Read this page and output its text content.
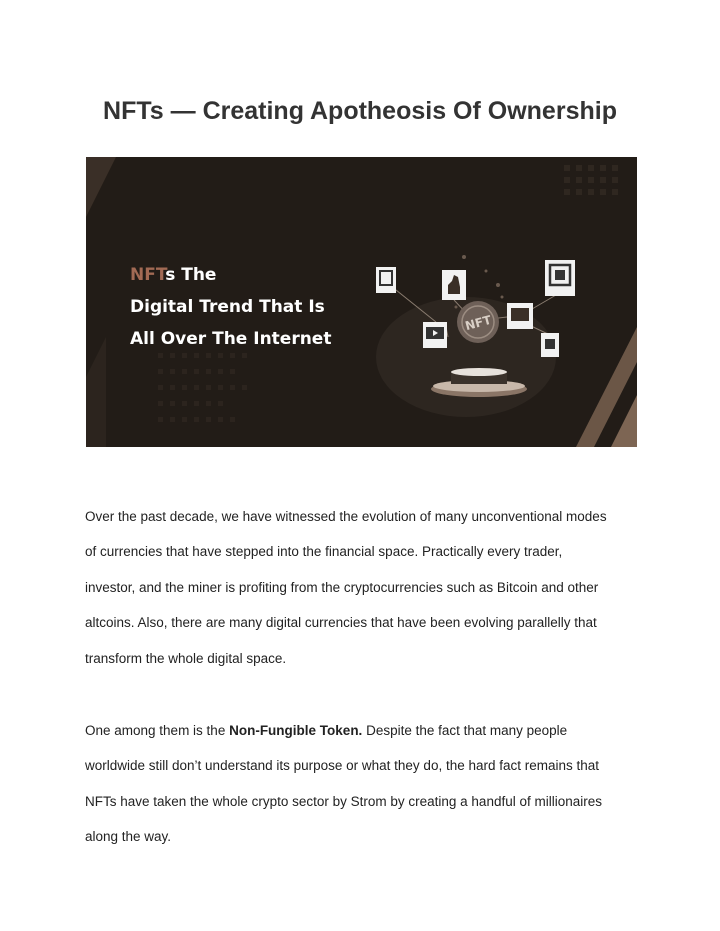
NFTs — Creating Apotheosis Of Ownership
NFT
NFTs The
Digital Trend That Is
All Over The Internet

Over the past decade, we have witnessed the evolution of many unconventional modes
of currencies that have stepped into the financial space. Practically every trader,
investor, and the miner is profiting from the cryptocurrencies such as Bitcoin and other
altcoins. Also, there are many digital currencies that have been evolving parallelly that
transform the whole digital space.

One among them is the Non-Fungible Token. Despite the fact that many people
worldwide still don’t understand its purpose or what they do, the hard fact remains that
NFTs have taken the whole crypto sector by Strom by creating a handful of millionaires
along the way.
